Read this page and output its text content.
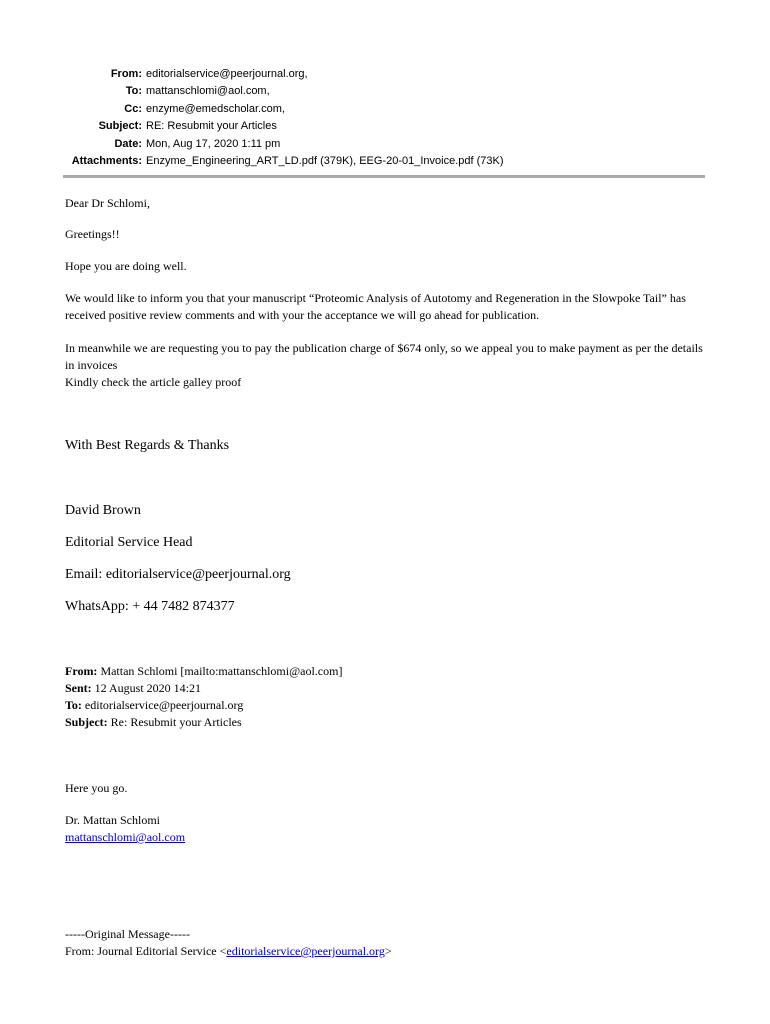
From: editorialservice@peerjournal.org,
To: mattanschlomi@aol.com,
Cc: enzyme@emedscholar.com,
Subject: RE: Resubmit your Articles
Date: Mon, Aug 17, 2020 1:11 pm
Attachments: Enzyme_Engineering_ART_LD.pdf (379K), EEG-20-01_Invoice.pdf (73K)
Dear Dr Schlomi,
Greetings!!
Hope you are doing well.
We would like to inform you that your manuscript “Proteomic Analysis of Autotomy and Regeneration in the Slowpoke Tail” has received positive review comments and with your the acceptance we will go ahead for publication.
In meanwhile we are requesting you to pay the publication charge of $674 only, so we appeal you to make payment as per the details in invoices
Kindly check the article galley proof
With Best Regards & Thanks
David Brown
Editorial Service Head
Email: editorialservice@peerjournal.org
WhatsApp: + 44 7482 874377
From: Mattan Schlomi [mailto:mattanschlomi@aol.com]
Sent: 12 August 2020 14:21
To: editorialservice@peerjournal.org
Subject: Re: Resubmit your Articles
Here you go.
Dr. Mattan Schlomi
mattanschlomi@aol.com
-----Original Message-----
From: Journal Editorial Service <editorialservice@peerjournal.org>
